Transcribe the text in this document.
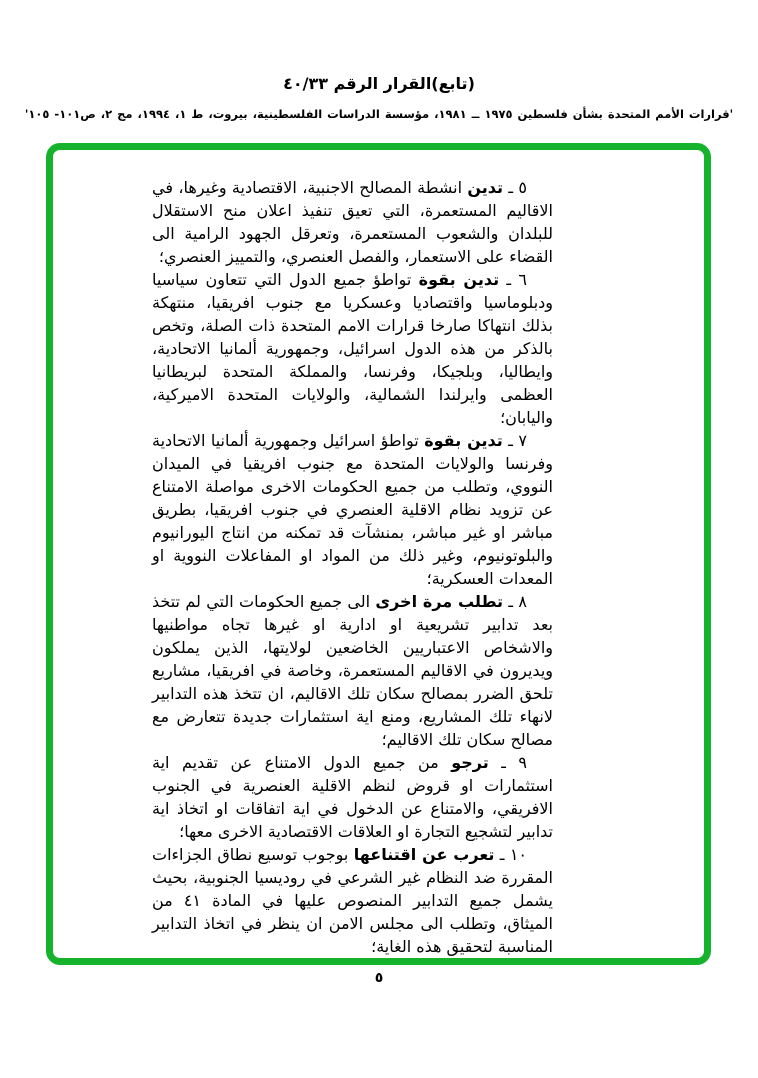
(تابع)القرار الرقم ٤٠/٣٣
'قرارات الأمم المتحدة بشأن فلسطين ١٩٧٥ ــ ١٩٨١، مؤسسة الدراسات الفلسطينية، بيروت، ط ١، ١٩٩٤، مج ٢، ص١٠١- ١٠٥'

٥ ـ تدين انشطة المصالح الاجنبية، الاقتصادية وغيرها، في الاقاليم المستعمرة، التي تعيق تنفيذ اعلان منح الاستقلال للبلدان والشعوب المستعمرة، وتعرقل الجهود الرامية الى القضاء على الاستعمار، والفصل العنصري، والتمييز العنصري؛

٦ ـ تدين بقوة تواطؤ جميع الدول التي تتعاون سياسيا ودبلوماسيا واقتصاديا وعسكريا مع جنوب افريقيا، منتهكة بذلك انتهاكا صارخا قرارات الامم المتحدة ذات الصلة، وتخص بالذكر من هذه الدول اسرائيل، وجمهورية ألمانيا الاتحادية، وايطاليا، وبلجيكا، وفرنسا، والمملكة المتحدة لبريطانيا العظمى وايرلندا الشمالية، والولايات المتحدة الاميركية، واليابان؛

٧ ـ تدين بقوة تواطؤ اسرائيل وجمهورية ألمانيا الاتحادية وفرنسا والولايات المتحدة مع جنوب افريقيا في الميدان النووي، وتطلب من جميع الحكومات الاخرى مواصلة الامتناع عن تزويد نظام الاقلية العنصري في جنوب افريقيا، بطريق مباشر او غير مباشر، بمنشآت قد تمكنه من انتاج اليورانيوم والبلوتونيوم، وغير ذلك من المواد او المفاعلات النووية او المعدات العسكرية؛

٨ ـ تطلب مرة اخرى الى جميع الحكومات التي لم تتخذ بعد تدابير تشريعية او ادارية او غيرها تجاه مواطنيها والاشخاص الاعتباريين الخاضعين لولايتها، الذين يملكون ويديرون في الاقاليم المستعمرة، وخاصة في افريقيا، مشاريع تلحق الضرر بمصالح سكان تلك الاقاليم، ان تتخذ هذه التدابير لانهاء تلك المشاريع، ومنع اية استثمارات جديدة تتعارض مع مصالح سكان تلك الاقاليم؛

٩ ـ ترجو من جميع الدول الامتناع عن تقديم اية استثمارات او قروض لنظم الاقلية العنصرية في الجنوب الافريقي، والامتناع عن الدخول في اية اتفاقات او اتخاذ اية تدابير لتشجيع التجارة او العلاقات الاقتصادية الاخرى معها؛

١٠ ـ تعرب عن اقتناعها بوجوب توسيع نطاق الجزاءات المقررة ضد النظام غير الشرعي في روديسيا الجنوبية، بحيث يشمل جميع التدابير المنصوص عليها في المادة ٤١ من الميثاق، وتطلب الى مجلس الامن ان ينظر في اتخاذ التدابير المناسبة لتحقيق هذه الغاية؛

٥
